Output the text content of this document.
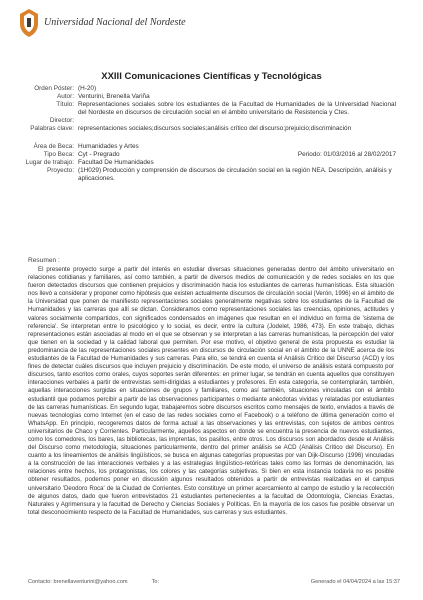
Universidad Nacional del Nordeste
XXIII Comunicaciones Científicas y Tecnológicas
Orden Póster: (H-20)
Autor: Venturini, Brenella Variña
Título: Representaciones sociales sobre los estudiantes de la Facultad de Humanidades de la Universidad Nacional del Nordeste en discursos de circulación social en el ámbito universitario de Resistencia y Ctes.
Director:
Palabras clave: representaciones sociales;discursos sociales;análisis crítico del discurso;prejuicio;discriminación
Área de Beca: Humanidades y Artes
Tipo Beca: Cyt - Pregrado	Periodo: 01/03/2016 al 28/02/2017
Lugar de trabajo: Facultad De Humanidades
Proyecto: (1H029) Producción y comprensión de discursos de circulación social en la región NEA. Descripción, análisis y aplicaciones.
Resumen :

El presente proyecto surge a partir del interés en estudiar diversas situaciones generadas dentro del ámbito universitario en relaciones cotidianas y familiares, así como también, a partir de diversos medios de comunicación y de redes sociales en los que fueron detectados discursos que contienen prejuicios y discriminación hacia los estudiantes de carreras humanísticas. Esta situación nos llevó a considerar y proponer como hipótesis que existen actualmente discursos de circulación social (Verón, 1996) en el ámbito de la Universidad que ponen de manifiesto representaciones sociales generalmente negativas sobre los estudiantes de la Facultad de Humanidades y las carreras que allí se dictan. Consideramos como representaciones sociales las creencias, opiniones, actitudes y valores socialmente compartidos, con significados condensados en imágenes que resultan en el individuo en forma de 'sistema de referencia'. Se interpretan entre lo psicológico y lo social, es decir, entre la cultura (Jodelet, 1986, 473). En este trabajo, dichas representaciones están asociadas al modo en el que se observan y se interpretan a las carreras humanísticas, la percepción del valor que tienen en la sociedad y la calidad laboral que permiten. Por ese motivo, el objetivo general de esta propuesta es estudiar la predominancia de las representaciones sociales presentes en discursos de circulación social en el ámbito de la UNNE acerca de los estudiantes de la Facultad de Humanidades y sus carreras. Para ello, se tendrá en cuenta el Análisis Crítico del Discurso (ACD) y los fines de detectar cuáles discursos que incluyen prejuicio y discriminación. De este modo, el universo de análisis estará compuesto por discursos, tanto escritos como orales, cuyos soportes serán diferentes: en primer lugar, se tendrán en cuenta aquellos que constituyen interacciones verbales a partir de entrevistas semi-dirigidas a estudiantes y profesores. En esta categoría, se contemplarán, también, aquellas interacciones surgidas en situaciones de grupos y familiares, como así también, situaciones vinculadas con el ámbito estudiantil que podamos percibir a partir de las observaciones participantes o mediante anécdotas vividas y relatadas por estudiantes de las carreras humanísticas. En segundo lugar, trabajaremos sobre discursos escritos como mensajes de texto, enviados a través de nuevas tecnologías como Internet (en el caso de las redes sociales como el Facebook) o a teléfono de última generación como el WhatsApp. En principio, recogeremos datos de forma actual a las observaciones y las entrevistas, con sujetos de ambos centros universitarios de Chaco y Corrientes. Particularmente, aquellos aspectos en donde se encuentra la presencia de nuevos estudiantes, como los comedores, los bares, las bibliotecas, las imprentas, los pasillos, entre otros. Los discursos son abordados desde el Análisis del Discurso como metodología, situaciones particularmente, dentro del primer análisis se ACD (Análisis Crítico del Discurso). En cuanto a los lineamientos de análisis lingüísticos, se busca en algunas categorías propuestas por van Dijk-Discurso (1996) vinculadas a la construcción de las interacciones verbales y a las estrategias lingüístico-retóricas tales como las formas de denominación, las relaciones entre hechos, los protagonistas, los colores y las categorías subjetivas. Si bien en esta instancia todavía no es posible obtener resultados, podemos poner en discusión algunos resultados obtenidos a partir de entrevistas realizadas en el campus universitario 'Deodoro Roca' de la Ciudad de Corrientes. Esto constituye un primer acercamiento al campo de estudio y la recolección de algunos datos, dado que fueron entrevistados 21 estudiantes pertenecientes a la facultad de Odontología, Ciencias Exactas, Naturales y Agrimensura y la facultad de Derecho y Ciencias Sociales y Políticas. En la mayoría de los casos fue posible observar un total desconocimiento respecto de la Facultad de Humanidades, sus carreras y sus estudiantes.

Contacto: brenellaventurini@yahoo.com	To:	Generado el 04/04/2024 a las 15:37
